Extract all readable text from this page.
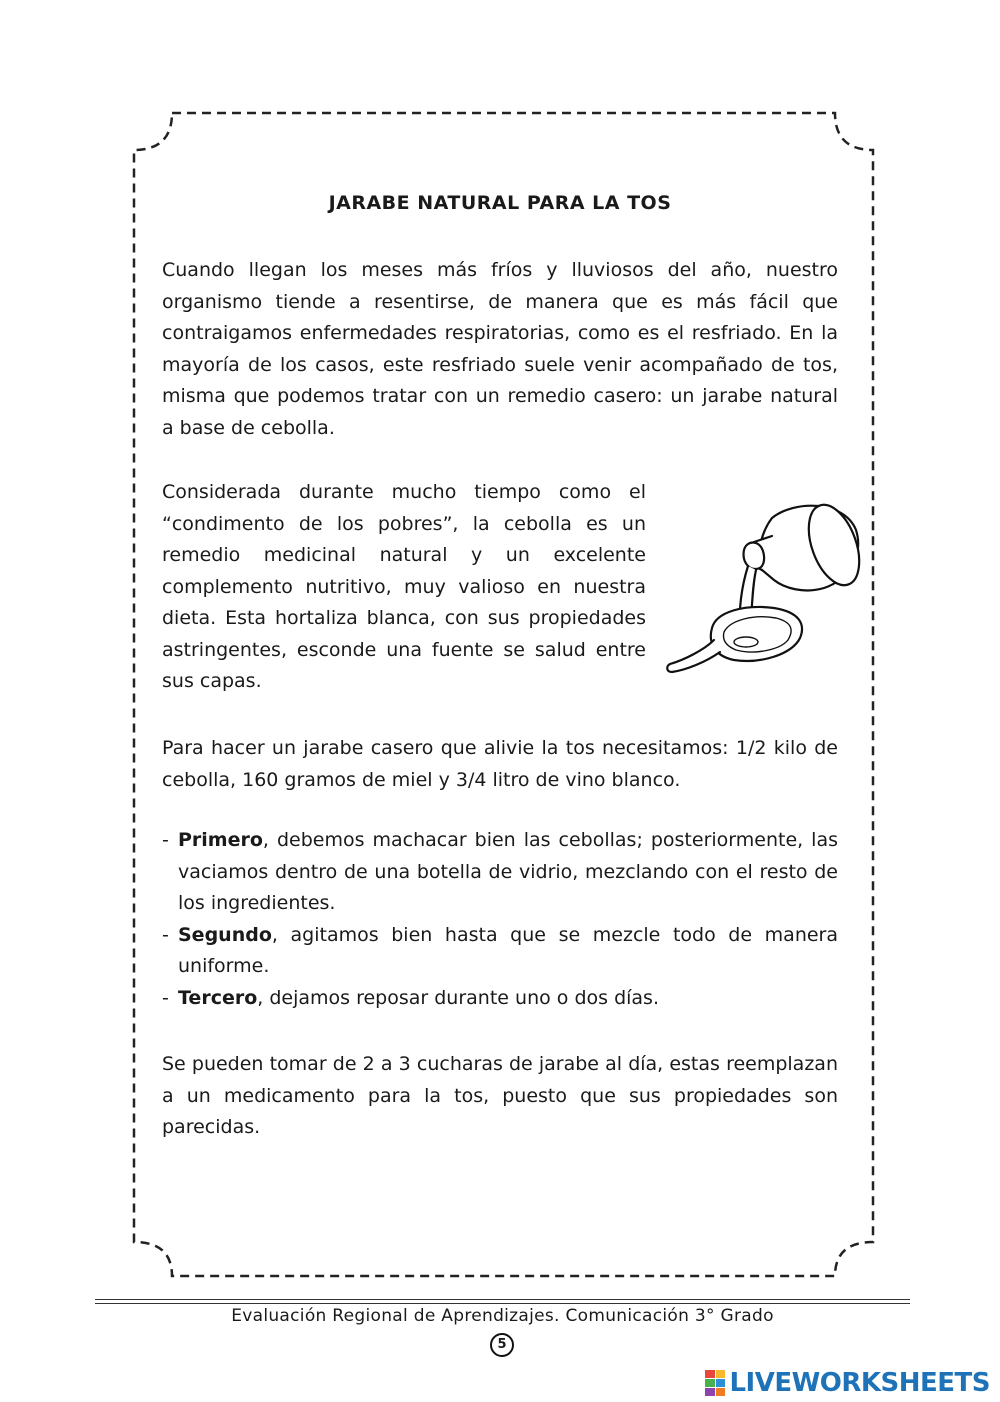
JARABE NATURAL PARA LA TOS

Cuando llegan los meses más fríos y lluviosos del año, nuestro organismo tiende a resentirse, de manera que es más fácil que contraigamos enfermedades respiratorias, como es el resfriado. En la mayoría de los casos, este resfriado suele venir acompañado de tos, misma que podemos tratar con un remedio casero: un jarabe natural a base de cebolla.

Considerada durante mucho tiempo como el “condimento de los pobres”, la cebolla es un remedio medicinal natural y un excelente complemento nutritivo, muy valioso en nuestra dieta. Esta hortaliza blanca, con sus propiedades astringentes, esconde una fuente se salud entre sus capas.

Para hacer un jarabe casero que alivie la tos necesitamos: 1/2 kilo de cebolla, 160 gramos de miel y 3/4 litro de vino blanco.

- Primero, debemos machacar bien las cebollas; posteriormente, las vaciamos dentro de una botella de vidrio, mezclando con el resto de los ingredientes.
- Segundo, agitamos bien hasta que se mezcle todo de manera uniforme.
- Tercero, dejamos reposar durante uno o dos días.

Se pueden tomar de 2 a 3 cucharas de jarabe al día, estas reemplazan a un medicamento para la tos, puesto que sus propiedades son parecidas.

Evaluación Regional de Aprendizajes. Comunicación 3° Grado
5
LIVEWORKSHEETS
